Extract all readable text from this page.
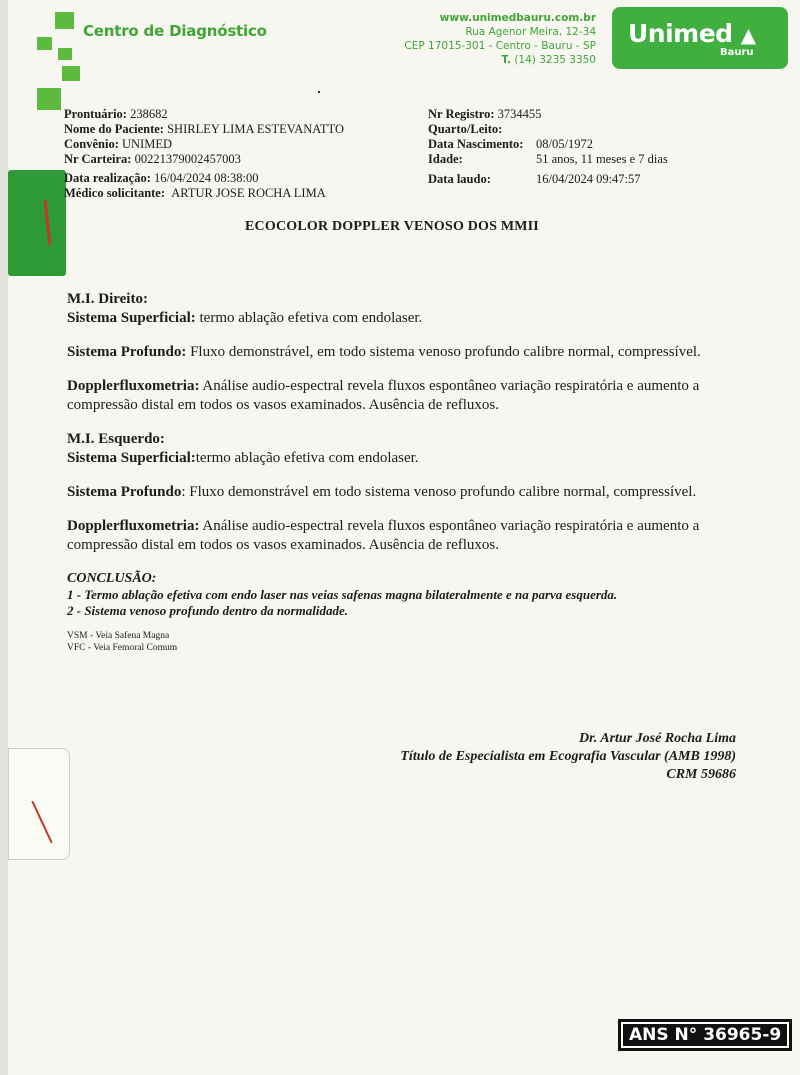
Centro de Diagnóstico
www.unimedbauru.com.br
Rua Agenor Meira, 12-34
CEP 17015-301 - Centro - Bauru - SP
T. (14) 3235 3350
Unimed ▲
Bauru
Prontuário: 238682
Nome do Paciente: SHIRLEY LIMA ESTEVANATTO
Convênio: UNIMED
Nr Carteira: 00221379002457003
Data realização: 16/04/2024 08:38:00
Médico solicitante: ARTUR JOSE ROCHA LIMA
Nr Registro: 3734455
Quarto/Leito:
Data Nascimento: 08/05/1972
Idade:	51 anos, 11 meses e 7 dias
Data laudo:	16/04/2024 09:47:57
ECOCOLOR DOPPLER VENOSO DOS MMII
M.I. Direito:
Sistema Superficial: termo ablação efetiva com endolaser.
Sistema Profundo: Fluxo demonstrável, em todo sistema venoso profundo calibre normal, compressível.
Dopplerfluxometria: Análise audio-espectral revela fluxos espontâneo variação respiratória e aumento a compressão distal em todos os vasos examinados. Ausência de refluxos.
M.I. Esquerdo:
Sistema Superficial:termo ablação efetiva com endolaser.
Sistema Profundo: Fluxo demonstrável em todo sistema venoso profundo calibre normal, compressível.
Dopplerfluxometria: Análise audio-espectral revela fluxos espontâneo variação respiratória e aumento a compressão distal em todos os vasos examinados. Ausência de refluxos.
CONCLUSÃO:
1 - Termo ablação efetiva com endo laser nas veias safenas magna bilateralmente e na parva esquerda.
2 - Sistema venoso profundo dentro da normalidade.
VSM - Veia Safena Magna
VFC - Veia Femoral Comum
Dr. Artur José Rocha Lima
Título de Especialista em Ecografia Vascular (AMB 1998)
CRM 59686
ANS N° 36965-9
